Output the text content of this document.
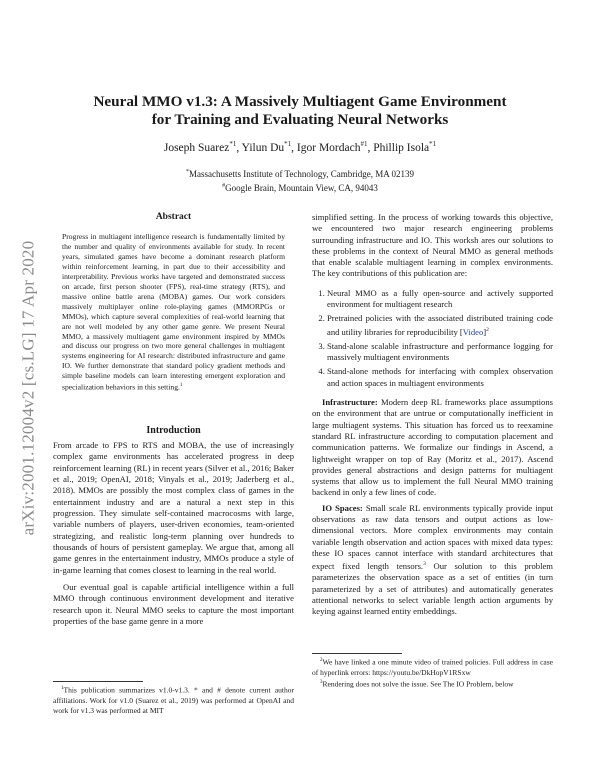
arXiv:2001.12004v2 [cs.LG] 17 Apr 2020
Neural MMO v1.3: A Massively Multiagent Game Environment
for Training and Evaluating Neural Networks
Joseph Suarez$^{*1}$, Yilun Du$^{*1}$, Igor Mordach$^{\#1}$, Phillip Isola$^{*1}$
*Massachusetts Institute of Technology, Cambridge, MA 02139
#Google Brain, Mountain View, CA, 94043
Abstract

Progress in multiagent intelligence research is fundamentally limited by the number and quality of environments available for study. In recent years, simulated games have become a dominant research platform within reinforcement learning, in part due to their accessibility and interpretability. Previous works have targeted and demonstrated success on arcade, first person shooter (FPS), real-time strategy (RTS), and massive online battle arena (MOBA) games. Our work considers massively multiplayer online role-playing games (MMORPGs or MMOs), which capture several complexities of real-world learning that are not well modeled by any other game genre. We present Neural MMO, a massively multiagent game environment inspired by MMOs and discuss our progress on two more general challenges in multiagent systems engineering for AI research: distributed infrastructure and game IO. We further demonstrate that standard policy gradient methods and simple baseline models can learn interesting emergent exploration and specialization behaviors in this setting.$^1$

Introduction

From arcade to FPS to RTS and MOBA, the use of increasingly complex game environments has accelerated progress in deep reinforcement learning (RL) in recent years (Silver et al., 2016; Baker et al., 2019; OpenAI, 2018; Vinyals et al., 2019; Jaderberg et al., 2018). MMOs are possibly the most complex class of games in the entertainment industry and are a natural a next step in this progression. They simulate self-contained macrocosms with large, variable numbers of players, user-driven economies, team-oriented strategizing, and realistic long-term planning over hundreds to thousands of hours of persistent gameplay. We argue that, among all game genres in the entertainment industry, MMOs produce a style of in-game learning that comes closest to learning in the real world.

Our eventual goal is capable artificial intelligence within a full MMO through continuous environment development and iterative research upon it. Neural MMO seeks to capture the most important properties of the base game genre in a more

simplified setting. In the process of working towards this objective, we encountered two major research engineering problems surrounding infrastructure and IO. This worksh ares our solutions to these problems in the context of Neural MMO as general methods that enable scalable multiagent learning in complex environments. The key contributions of this publication are:

1. Neural MMO as a fully open-source and actively supported environment for multiagent research
2. Pretrained policies with the associated distributed training code and utility libraries for reproducibility [Video]$^2$
3. Stand-alone scalable infrastructure and performance logging for massively multiagent environments
4. Stand-alone methods for interfacing with complex observation and action spaces in multiagent environments

Infrastructure: Modern deep RL frameworks place assumptions on the environment that are untrue or computationally inefficient in large multiagent systems. This situation has forced us to reexamine standard RL infrastructure according to computation placement and communication patterns. We formalize our findings in Ascend, a lightweight wrapper on top of Ray (Moritz et al., 2017). Ascend provides general abstractions and design patterns for multiagent systems that allow us to implement the full Neural MMO training backend in only a few lines of code.

IO Spaces: Small scale RL environments typically provide input observations as raw data tensors and output actions as low-dimensional vectors. More complex environments may contain variable length observation and action spaces with mixed data types: these IO spaces cannot interface with standard architectures that expect fixed length tensors.$^3$ Our solution to this problem parameterizes the observation space as a set of entities (in turn parameterized by a set of attributes) and automatically generates attentional networks to select variable length action arguments by keying against learned entity embeddings.

$^1$This publication summarizes v1.0-v1.3. * and # denote current author affiliations. Work for v1.0 (Suarez et al., 2019) was performed at OpenAI and work for v1.3 was performed at MIT

$^2$We have linked a one minute video of trained policies. Full address in case of hyperlink errors: https://youtu.be/DkHopV1RSxw

$^3$Rendering does not solve the issue. See The IO Problem, below
